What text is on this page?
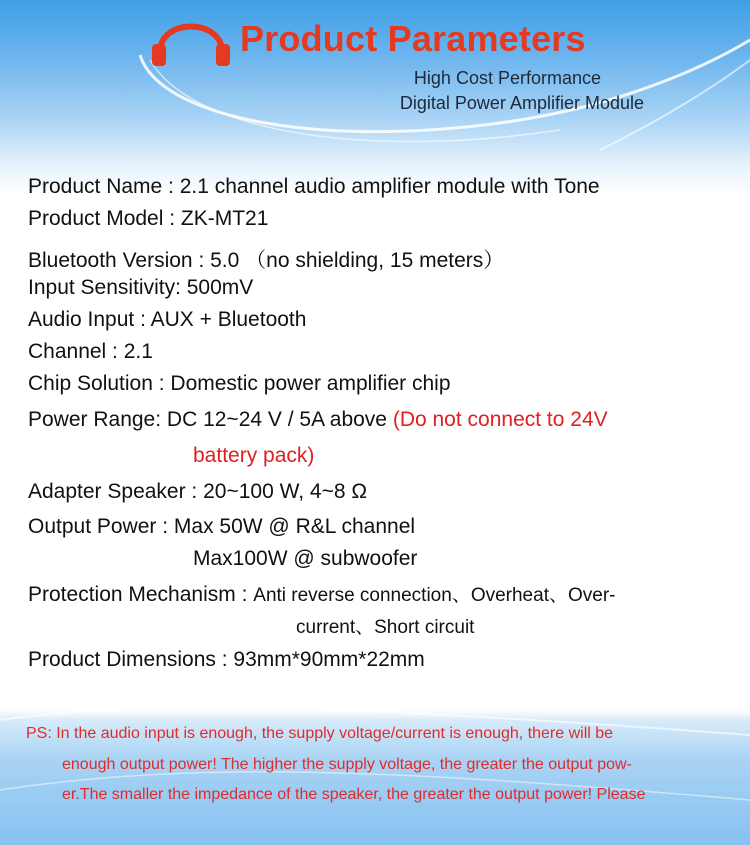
Product Parameters
High Cost Performance
Digital Power Amplifier Module
Product Name : 2.1 channel audio amplifier module with Tone
Product Model : ZK-MT21
Bluetooth Version : 5.0 （no shielding, 15 meters）
Input Sensitivity: 500mV
Audio Input : AUX + Bluetooth
Channel : 2.1
Chip Solution : Domestic power amplifier chip
Power Range: DC 12~24 V / 5A above (Do not connect to 24V
battery pack)
Adapter Speaker : 20~100 W, 4~8 Ω
Output Power : Max 50W @ R&L channel
Max100W @ subwoofer
Protection Mechanism : Anti reverse connection、Overheat、Over-
current、Short circuit
Product Dimensions : 93mm*90mm*22mm
PS: In the audio input is enough, the supply voltage/current is enough, there will be
enough output power! The higher the supply voltage, the greater the output pow-
er.The smaller the impedance of the speaker, the greater the output power! Please
